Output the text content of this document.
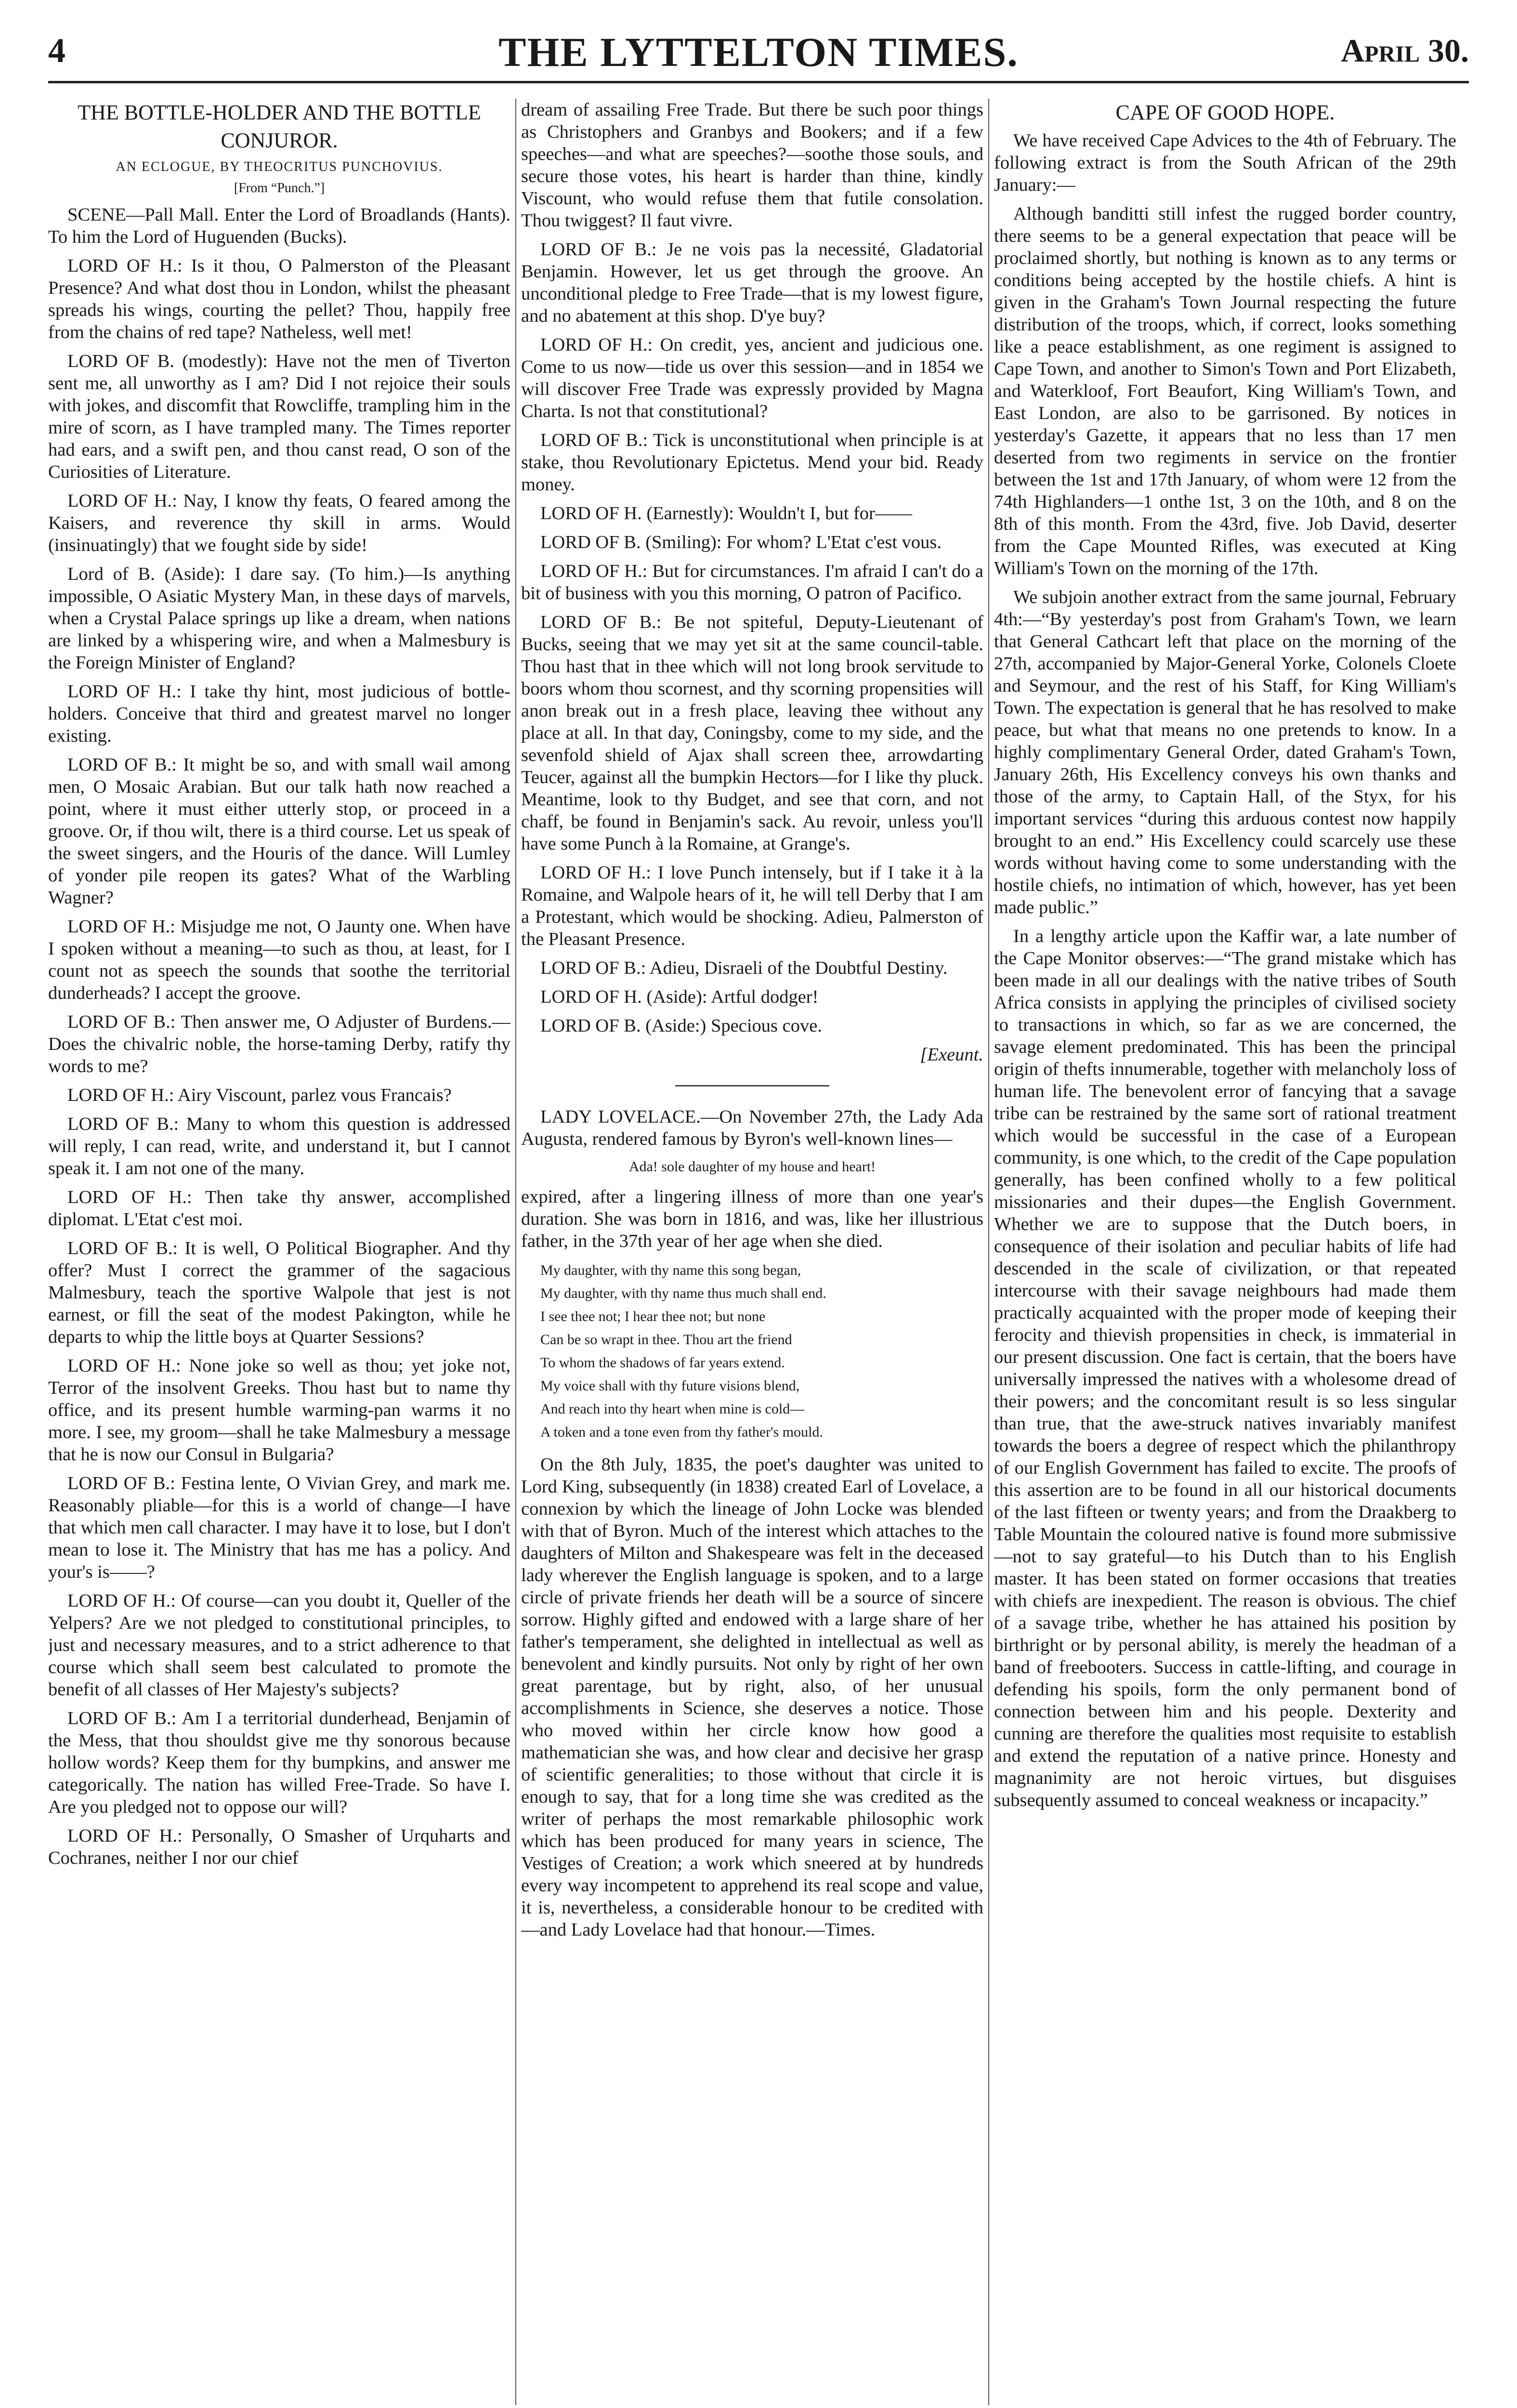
4	THE LYTTELTON TIMES.	April 30.
THE BOTTLE-HOLDER AND THE BOTTLE CONJUROR.
AN ECLOGUE, BY THEOCRITUS PUNCHOVIUS.
[From “Punch.”]

SCENE—Pall Mall. Enter the Lord of Broadlands (Hants). To him the Lord of Huguenden (Bucks).

LORD OF H.: Is it thou, O Palmerston of the Pleasant Presence? And what dost thou in London, whilst the pheasant spreads his wings, courting the pellet? Thou, happily free from the chains of red tape? Natheless, well met!

LORD OF B. (modestly): Have not the men of Tiverton sent me, all unworthy as I am? Did I not rejoice their souls with jokes, and discomfit that Rowcliffe, trampling him in the mire of scorn, as I have trampled many. The Times reporter had ears, and a swift pen, and thou canst read, O son of the Curiosities of Literature.

LORD OF H.: Nay, I know thy feats, O feared among the Kaisers, and reverence thy skill in arms. Would (insinuatingly) that we fought side by side!

Lord of B. (Aside): I dare say. (To him.)—Is anything impossible, O Asiatic Mystery Man, in these days of marvels, when a Crystal Palace springs up like a dream, when nations are linked by a whispering wire, and when a Malmesbury is the Foreign Minister of England?

LORD OF H.: I take thy hint, most judicious of bottle-holders. Conceive that third and greatest marvel no longer existing.

LORD OF B.: It might be so, and with small wail among men, O Mosaic Arabian. But our talk hath now reached a point, where it must either utterly stop, or proceed in a groove. Or, if thou wilt, there is a third course. Let us speak of the sweet singers, and the Houris of the dance. Will Lumley of yonder pile reopen its gates? What of the Warbling Wagner?

LORD OF H.: Misjudge me not, O Jaunty one. When have I spoken without a meaning—to such as thou, at least, for I count not as speech the sounds that soothe the territorial dunderheads? I accept the groove.

LORD OF B.: Then answer me, O Adjuster of Burdens.—Does the chivalric noble, the horse-taming Derby, ratify thy words to me?

LORD OF H.: Airy Viscount, parlez vous Francais?

LORD OF B.: Many to whom this question is addressed will reply, I can read, write, and understand it, but I cannot speak it. I am not one of the many.

LORD OF H.: Then take thy answer, accomplished diplomat. L'Etat c'est moi.

LORD OF B.: It is well, O Political Biographer. And thy offer? Must I correct the grammer of the sagacious Malmesbury, teach the sportive Walpole that jest is not earnest, or fill the seat of the modest Pakington, while he departs to whip the little boys at Quarter Sessions?

LORD OF H.: None joke so well as thou; yet joke not, Terror of the insolvent Greeks. Thou hast but to name thy office, and its present humble warming-pan warms it no more. I see, my groom—shall he take Malmesbury a message that he is now our Consul in Bulgaria?

LORD OF B.: Festina lente, O Vivian Grey, and mark me. Reasonably pliable—for this is a world of change—I have that which men call character. I may have it to lose, but I don't mean to lose it. The Ministry that has me has a policy. And your's is——?

LORD OF H.: Of course—can you doubt it, Queller of the Yelpers? Are we not pledged to constitutional principles, to just and necessary measures, and to a strict adherence to that course which shall seem best calculated to promote the benefit of all classes of Her Majesty's subjects?

LORD OF B.: Am I a territorial dunderhead, Benjamin of the Mess, that thou shouldst give me thy sonorous because hollow words? Keep them for thy bumpkins, and answer me categorically. The nation has willed Free-Trade. So have I. Are you pledged not to oppose our will?

LORD OF H.: Personally, O Smasher of Urquharts and Cochranes, neither I nor our chief

dream of assailing Free Trade. But there be such poor things as Christophers and Granbys and Bookers; and if a few speeches—and what are speeches?—soothe those souls, and secure those votes, his heart is harder than thine, kindly Viscount, who would refuse them that futile consolation. Thou twiggest? Il faut vivre.

LORD OF B.: Je ne vois pas la necessité, Gladatorial Benjamin. However, let us get through the groove. An unconditional pledge to Free Trade—that is my lowest figure, and no abatement at this shop. D'ye buy?

LORD OF H.: On credit, yes, ancient and judicious one. Come to us now—tide us over this session—and in 1854 we will discover Free Trade was expressly provided by Magna Charta. Is not that constitutional?

LORD OF B.: Tick is unconstitutional when principle is at stake, thou Revolutionary Epictetus. Mend your bid. Ready money.

LORD OF H. (Earnestly): Wouldn't I, but for——

LORD OF B. (Smiling): For whom? L'Etat c'est vous.

LORD OF H.: But for circumstances. I'm afraid I can't do a bit of business with you this morning, O patron of Pacifico.

LORD OF B.: Be not spiteful, Deputy-Lieutenant of Bucks, seeing that we may yet sit at the same council-table. Thou hast that in thee which will not long brook servitude to boors whom thou scornest, and thy scorning propensities will anon break out in a fresh place, leaving thee without any place at all. In that day, Coningsby, come to my side, and the sevenfold shield of Ajax shall screen thee, arrowdarting Teucer, against all the bumpkin Hectors—for I like thy pluck. Meantime, look to thy Budget, and see that corn, and not chaff, be found in Benjamin's sack. Au revoir, unless you'll have some Punch à la Romaine, at Grange's.

LORD OF H.: I love Punch intensely, but if I take it à la Romaine, and Walpole hears of it, he will tell Derby that I am a Protestant, which would be shocking. Adieu, Palmerston of the Pleasant Presence.

LORD OF B.: Adieu, Disraeli of the Doubtful Destiny.

LORD OF H. (Aside): Artful dodger!

LORD OF B. (Aside:) Specious cove.

[Exeunt.

LADY LOVELACE.—On November 27th, the Lady Ada Augusta, rendered famous by Byron's well-known lines—

Ada! sole daughter of my house and heart!

expired, after a lingering illness of more than one year's duration. She was born in 1816, and was, like her illustrious father, in the 37th year of her age when she died.

My daughter, with thy name this song began,
My daughter, with thy name thus much shall end.
I see thee not; I hear thee not; but none
Can be so wrapt in thee. Thou art the friend
To whom the shadows of far years extend.
My voice shall with thy future visions blend,
And reach into thy heart when mine is cold—
A token and a tone even from thy father's mould.

On the 8th July, 1835, the poet's daughter was united to Lord King, subsequently (in 1838) created Earl of Lovelace, a connexion by which the lineage of John Locke was blended with that of Byron. Much of the interest which attaches to the daughters of Milton and Shakespeare was felt in the deceased lady wherever the English language is spoken, and to a large circle of private friends her death will be a source of sincere sorrow. Highly gifted and endowed with a large share of her father's temperament, she delighted in intellectual as well as benevolent and kindly pursuits. Not only by right of her own great parentage, but by right, also, of her unusual accomplishments in Science, she deserves a notice. Those who moved within her circle know how good a mathematician she was, and how clear and decisive her grasp of scientific generalities; to those without that circle it is enough to say, that for a long time she was credited as the writer of perhaps the most remarkable philosophic work which has been produced for many years in science, The Vestiges of Creation; a work which sneered at by hundreds every way incompetent to apprehend its real scope and value, it is, nevertheless, a considerable honour to be credited with—and Lady Lovelace had that honour.—Times.

CAPE OF GOOD HOPE.

We have received Cape Advices to the 4th of February. The following extract is from the South African of the 29th January:—

Although banditti still infest the rugged border country, there seems to be a general expectation that peace will be proclaimed shortly, but nothing is known as to any terms or conditions being accepted by the hostile chiefs. A hint is given in the Graham's Town Journal respecting the future distribution of the troops, which, if correct, looks something like a peace establishment, as one regiment is assigned to Cape Town, and another to Simon's Town and Port Elizabeth, and Waterkloof, Fort Beaufort, King William's Town, and East London, are also to be garrisoned. By notices in yesterday's Gazette, it appears that no less than 17 men deserted from two regiments in service on the frontier between the 1st and 17th January, of whom were 12 from the 74th Highlanders—1 onthe 1st, 3 on the 10th, and 8 on the 8th of this month. From the 43rd, five. Job David, deserter from the Cape Mounted Rifles, was executed at King William's Town on the morning of the 17th.

We subjoin another extract from the same journal, February 4th:—“By yesterday's post from Graham's Town, we learn that General Cathcart left that place on the morning of the 27th, accompanied by Major-General Yorke, Colonels Cloete and Seymour, and the rest of his Staff, for King William's Town. The expectation is general that he has resolved to make peace, but what that means no one pretends to know. In a highly complimentary General Order, dated Graham's Town, January 26th, His Excellency conveys his own thanks and those of the army, to Captain Hall, of the Styx, for his important services “during this arduous contest now happily brought to an end.” His Excellency could scarcely use these words without having come to some understanding with the hostile chiefs, no intimation of which, however, has yet been made public.”

In a lengthy article upon the Kaffir war, a late number of the Cape Monitor observes:—“The grand mistake which has been made in all our dealings with the native tribes of South Africa consists in applying the principles of civilised society to transactions in which, so far as we are concerned, the savage element predominated. This has been the principal origin of thefts innumerable, together with melancholy loss of human life. The benevolent error of fancying that a savage tribe can be restrained by the same sort of rational treatment which would be successful in the case of a European community, is one which, to the credit of the Cape population generally, has been confined wholly to a few political missionaries and their dupes—the English Government. Whether we are to suppose that the Dutch boers, in consequence of their isolation and peculiar habits of life had descended in the scale of civilization, or that repeated intercourse with their savage neighbours had made them practically acquainted with the proper mode of keeping their ferocity and thievish propensities in check, is immaterial in our present discussion. One fact is certain, that the boers have universally impressed the natives with a wholesome dread of their powers; and the concomitant result is so less singular than true, that the awe-struck natives invariably manifest towards the boers a degree of respect which the philanthropy of our English Government has failed to excite. The proofs of this assertion are to be found in all our historical documents of the last fifteen or twenty years; and from the Draakberg to Table Mountain the coloured native is found more submissive—not to say grateful—to his Dutch than to his English master. It has been stated on former occasions that treaties with chiefs are inexpedient. The reason is obvious. The chief of a savage tribe, whether he has attained his position by birthright or by personal ability, is merely the headman of a band of freebooters. Success in cattle-lifting, and courage in defending his spoils, form the only permanent bond of connection between him and his people. Dexterity and cunning are therefore the qualities most requisite to establish and extend the reputation of a native prince. Honesty and magnanimity are not heroic virtues, but disguises subsequently assumed to conceal weakness or incapacity.”
